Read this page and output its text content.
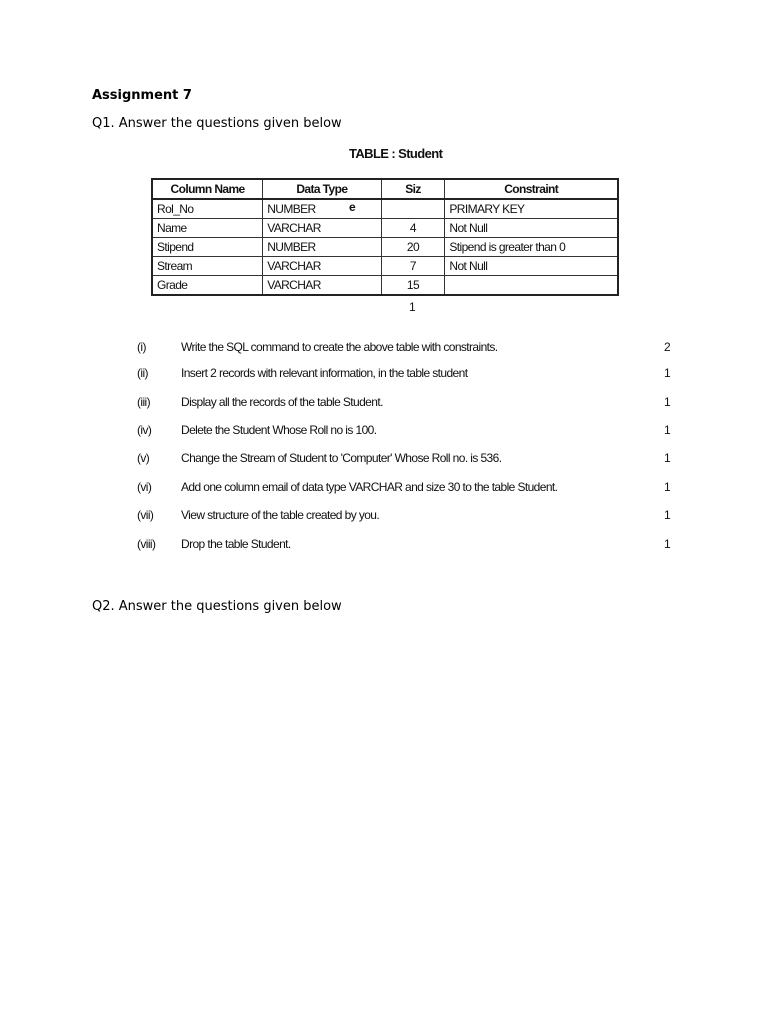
Assignment 7
Q1. Answer the questions given below
TABLE : Student
Column Name	Data Type	Siz	Constraint
Rol_No	NUMBER		PRIMARY KEY
Name	VARCHAR	4	Not Null
Stipend	NUMBER	20	Stipend is greater than 0
Stream	VARCHAR	7	Not Null
Grade	VARCHAR	15	
e
1
(i)	Write the SQL command to create the above table with constraints.	2
(ii)	Insert 2 records with relevant information, in the table student	1
(iii)	Display all the records of the table Student.	1
(iv) Delete the Student Whose Roll no is 100.	1
(v)	Change the Stream of Student to 'Computer' Whose Roll no. is 536.	1
(vi) Add one column email of data type VARCHAR and size 30 to the table Student.	1
(vii) View structure of the table created by you.	1
(viii) Drop the table Student.	1
Q2. Answer the questions given below
